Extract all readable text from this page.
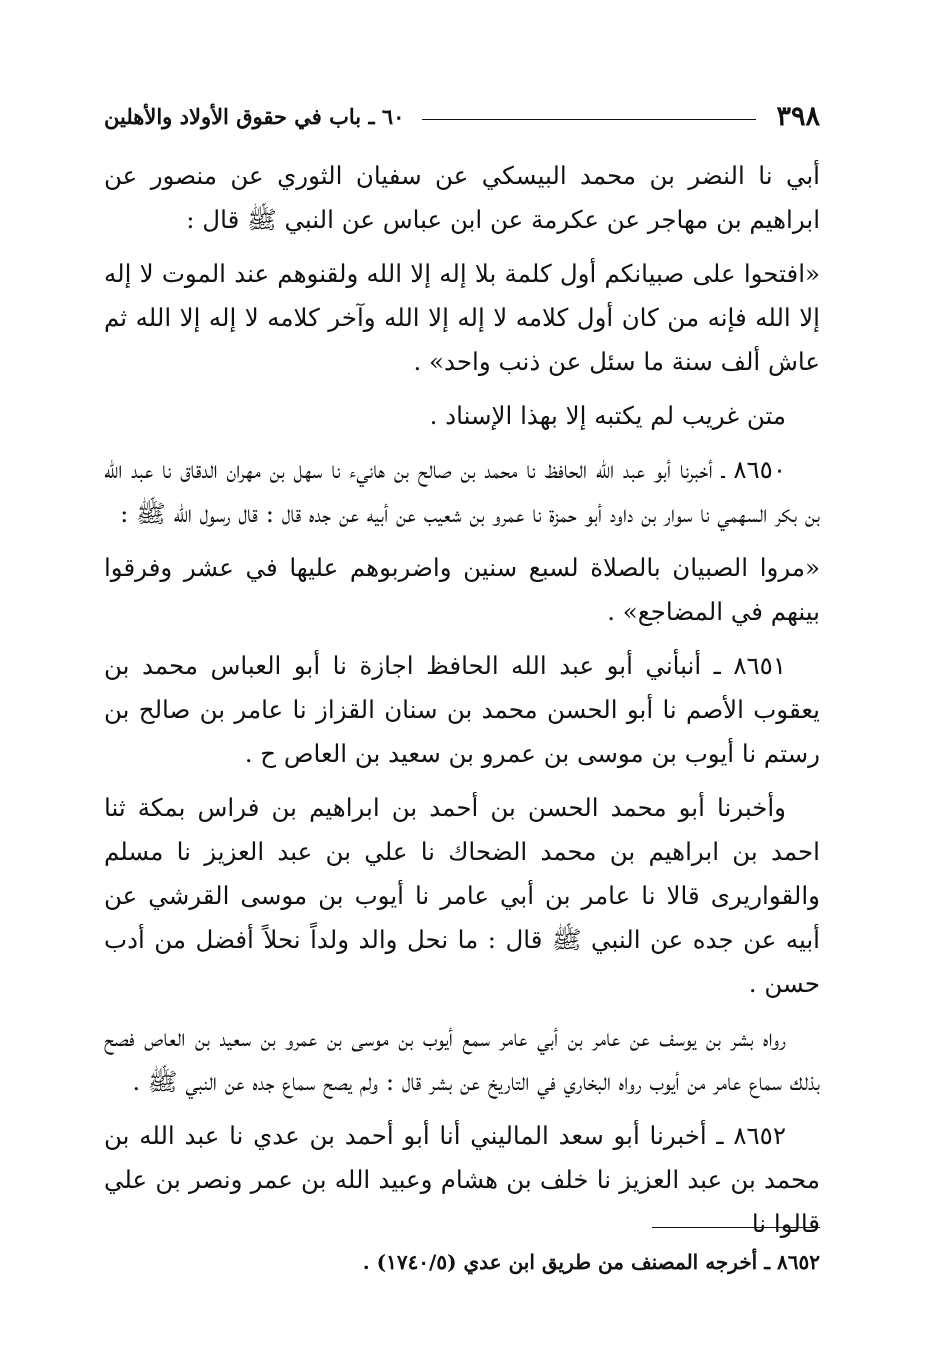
٣٩٨
٦٠ ـ باب في حقوق الأولاد والأهلين

أبي نا النضر بن محمد البيسكي عن سفيان الثوري عن منصور عن ابراهيم بن مهاجر عن عكرمة عن ابن عباس عن النبي ﷺ قال :

«افتحوا على صبيانكم أول كلمة بلا إله إلا الله ولقنوهم عند الموت لا إله إلا الله فإنه من كان أول كلامه لا إله إلا الله وآخر كلامه لا إله إلا الله ثم عاش ألف سنة ما سئل عن ذنب واحد» .

متن غريب لم يكتبه إلا بهذا الإسناد .

٨٦٥٠ ـ أخبرنا أبو عبد الله الحافظ نا محمد بن صالح بن هانيء نا سهل بن مهران الدقاق نا عبد الله بن بكر السهمي نا سوار بن داود أبو حمزة نا عمرو بن شعيب عن أبيه عن جده قال : قال رسول الله ﷺ :

«مروا الصبيان بالصلاة لسبع سنين واضربوهم عليها في عشر وفرقوا بينهم في المضاجع» .

٨٦٥١ ـ أنبأني أبو عبد الله الحافظ اجازة نا أبو العباس محمد بن يعقوب الأصم نا أبو الحسن محمد بن سنان القزاز نا عامر بن صالح بن رستم نا أيوب بن موسى بن عمرو بن سعيد بن العاص ح .

وأخبرنا أبو محمد الحسن بن أحمد بن ابراهيم بن فراس بمكة ثنا احمد بن ابراهيم بن محمد الضحاك نا علي بن عبد العزيز نا مسلم والقواريرى قالا نا عامر بن أبي عامر نا أيوب بن موسى القرشي عن أبيه عن جده عن النبي ﷺ قال : ما نحل والد ولداً نحلاً أفضل من أدب حسن .

رواه بشر بن يوسف عن عامر بن أبي عامر سمع أيوب بن موسى بن عمرو بن سعيد بن العاص فصح بذلك سماع عامر من أيوب رواه البخاري في التاريخ عن بشر قال : ولم يصح سماع جده عن النبي ﷺ .

٨٦٥٢ ـ أخبرنا أبو سعد الماليني أنا أبو أحمد بن عدي نا عبد الله بن محمد بن عبد العزيز نا خلف بن هشام وعبيد الله بن عمر ونصر بن علي قالوا نا

٨٦٥٢ ـ أخرجه المصنف من طريق ابن عدي (١٧٤٠/٥) .
